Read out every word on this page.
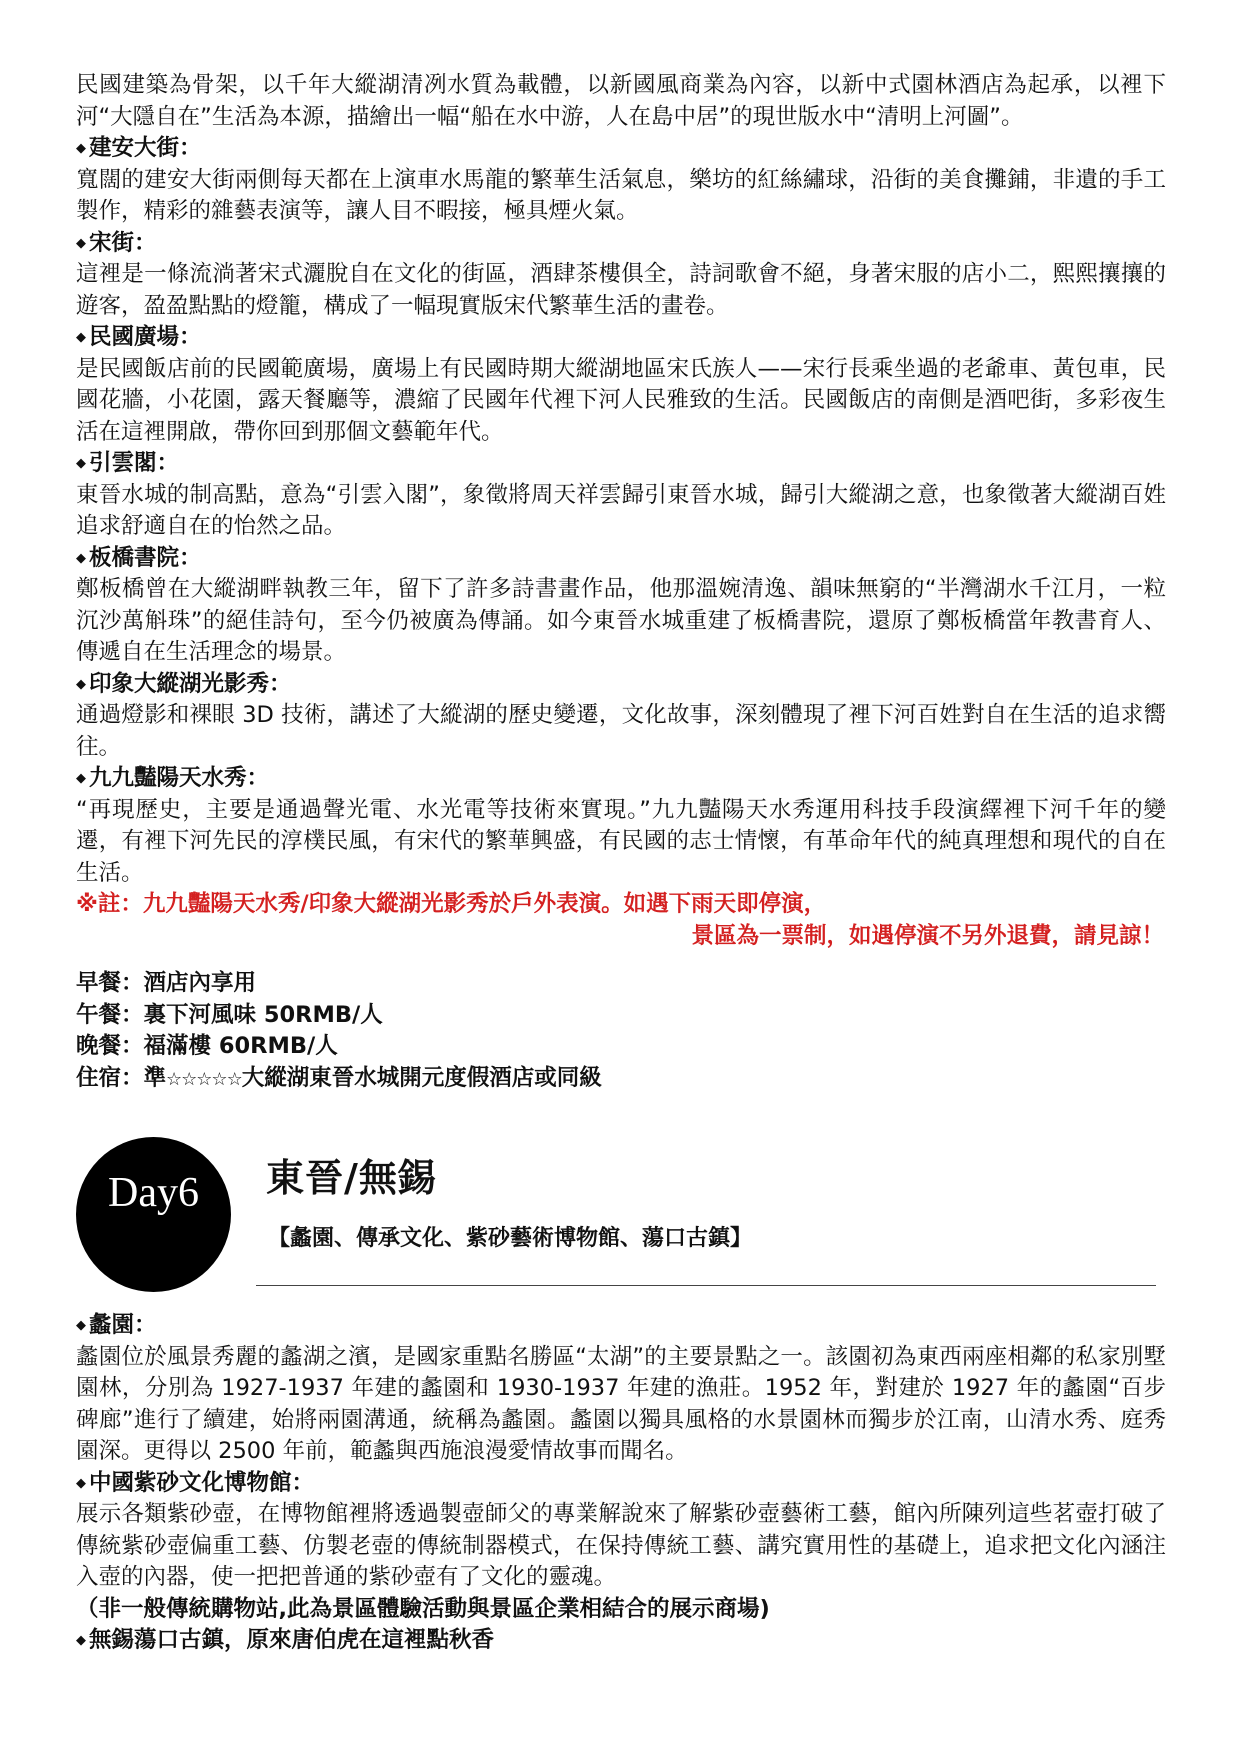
民國建築為骨架，以千年大縱湖清冽水質為載體，以新國風商業為內容，以新中式園林酒店為起承，以裡下河“大隱自在”生活為本源，描繪出一幅“船在水中游，人在島中居”的現世版水中“清明上河圖”。

◆ 建安大街：

寬闊的建安大街兩側每天都在上演車水馬龍的繁華生活氣息，樂坊的紅絲繡球，沿街的美食攤鋪，非遺的手工製作，精彩的雜藝表演等，讓人目不暇接，極具煙火氣。

◆ 宋街：

這裡是一條流淌著宋式灑脫自在文化的街區，酒肆茶樓俱全，詩詞歌會不絕，身著宋服的店小二，熙熙攘攘的遊客，盈盈點點的燈籠，構成了一幅現實版宋代繁華生活的畫卷。

◆ 民國廣場：

是民國飯店前的民國範廣場，廣場上有民國時期大縱湖地區宋氏族人——宋行長乘坐過的老爺車、黃包車，民國花牆，小花園，露天餐廳等，濃縮了民國年代裡下河人民雅致的生活。民國飯店的南側是酒吧街，多彩夜生活在這裡開啟，帶你回到那個文藝範年代。

◆ 引雲閣：

東晉水城的制高點，意為“引雲入閣”，象徵將周天祥雲歸引東晉水城，歸引大縱湖之意，也象徵著大縱湖百姓追求舒適自在的怡然之品。

◆ 板橋書院：

鄭板橋曾在大縱湖畔執教三年，留下了許多詩書畫作品，他那溫婉清逸、韻味無窮的“半灣湖水千江月，一粒沉沙萬斛珠”的絕佳詩句，至今仍被廣為傳誦。如今東晉水城重建了板橋書院，還原了鄭板橋當年教書育人、傳遞自在生活理念的場景。

◆ 印象大縱湖光影秀：

通過燈影和裸眼 3D 技術，講述了大縱湖的歷史變遷，文化故事，深刻體現了裡下河百姓對自在生活的追求嚮往。

◆ 九九豔陽天水秀：

“再現歷史，主要是通過聲光電、水光電等技術來實現。”九九豔陽天水秀運用科技手段演繹裡下河千年的變遷，有裡下河先民的淳樸民風，有宋代的繁華興盛，有民國的志士情懷，有革命年代的純真理想和現代的自在生活。

※註：九九豔陽天水秀/印象大縱湖光影秀於戶外表演。如遇下雨天即停演，

景區為一票制，如遇停演不另外退費，請見諒！

早餐：酒店內享用

午餐：裏下河風味 50RMB/人

晚餐：福滿樓 60RMB/人

住宿：準☆☆☆☆☆大縱湖東晉水城開元度假酒店或同級

Day6 東晉/無錫
【蠡園、傳承文化、紫砂藝術博物館、蕩口古鎮】

◆ 蠡園：

蠡園位於風景秀麗的蠡湖之濱，是國家重點名勝區“太湖”的主要景點之一。該園初為東西兩座相鄰的私家別墅園林，分別為 1927-1937 年建的蠡園和 1930-1937 年建的漁莊。1952 年，對建於 1927 年的蠡園“百步碑廊”進行了續建，始將兩園溝通，統稱為蠡園。蠡園以獨具風格的水景園林而獨步於江南，山清水秀、庭秀園深。更得以 2500 年前，範蠡與西施浪漫愛情故事而聞名。

◆ 中國紫砂文化博物館：

展示各類紫砂壺，在博物館裡將透過製壺師父的專業解說來了解紫砂壺藝術工藝，館內所陳列這些茗壺打破了傳統紫砂壺偏重工藝、仿製老壺的傳統制器模式，在保持傳統工藝、講究實用性的基礎上，追求把文化內涵注入壺的內器，使一把把普通的紫砂壺有了文化的靈魂。

（非一般傳統購物站,此為景區體驗活動與景區企業相結合的展示商場)

◆ 無錫蕩口古鎮，原來唐伯虎在這裡點秋香
